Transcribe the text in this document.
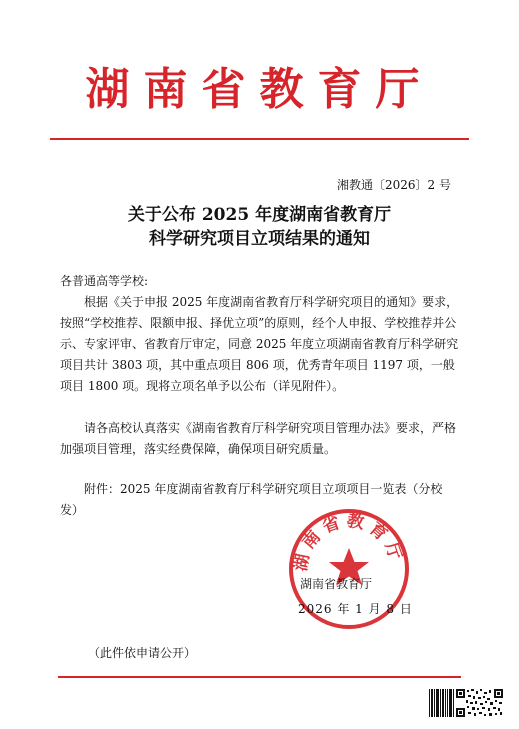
湖南省教育厅
湘教通〔2026〕2 号
关于公布 2025 年度湖南省教育厅
科学研究项目立项结果的通知
各普通高等学校:
根据《关于申报 2025 年度湖南省教育厅科学研究项目的通知》要求，按照“学校推荐、限额申报、择优立项”的原则，经个人申报、学校推荐并公示、专家评审、省教育厅审定，同意 2025 年度立项湖南省教育厅科学研究项目共计 3803 项，其中重点项目 806 项，优秀青年项目 1197 项，一般项目 1800 项。现将立项名单予以公布（详见附件）。
请各高校认真落实《湖南省教育厅科学研究项目管理办法》要求，严格加强项目管理，落实经费保障，确保项目研究质量。
附件：2025 年度湖南省教育厅科学研究项目立项项目一览表（分校发）
湖南省教育厅
湖南省教育厅
2026 年 1 月 8 日
（此件依申请公开）
